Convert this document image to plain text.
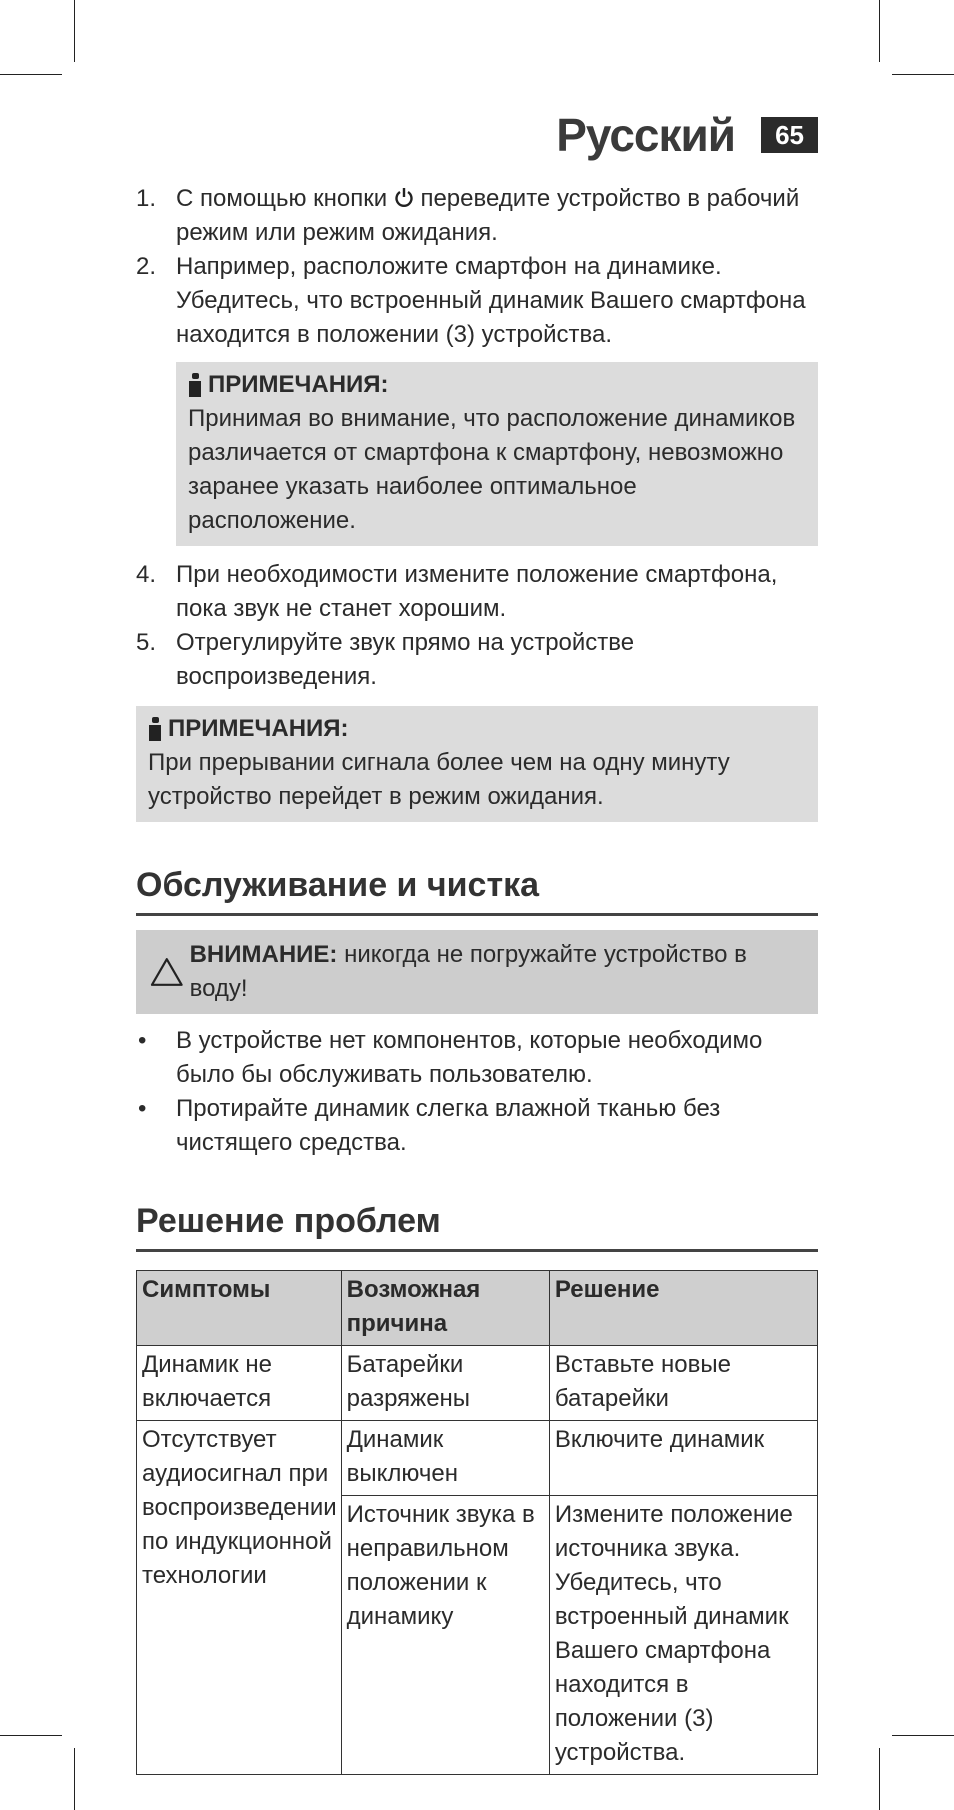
Русский	65
1. С помощью кнопки  переведите устройство в рабочий режим или режим ожидания.
2. Например, расположите смартфон на динамике. Убедитесь, что встроенный динамик Вашего смартфона находится в положении (3) устройства.
ПРИМЕЧАНИЯ:
Принимая во внимание, что расположение динамиков различается от смартфона к смартфону, невозможно заранее указать наиболее оптимальное расположение.
4. При необходимости измените положение смартфона, пока звук не станет хорошим.
5. Отрегулируйте звук прямо на устройстве воспроизведения.
ПРИМЕЧАНИЯ:
При прерывании сигнала более чем на одну минуту устройство перейдет в режим ожидания.
Обслуживание и чистка
ВНИМАНИЕ: никогда не погружайте устройство в воду!
• В устройстве нет компонентов, которые необходимо было бы обслуживать пользователю.
• Протирайте динамик слегка влажной тканью без чистящего средства.
Решение проблем
Симптомы	Возможная причина	Решение
Динамик не включается	Батарейки разряжены	Вставьте новые батарейки
Отсутствует аудиосигнал при воспроизведении по индукционной технологии	Динамик выключен	Включите динамик
	Источник звука в неправильном положении к динамику	Измените положение источника звука. Убедитесь, что встроенный динамик Вашего смартфона находится в положении (3) устройства.
